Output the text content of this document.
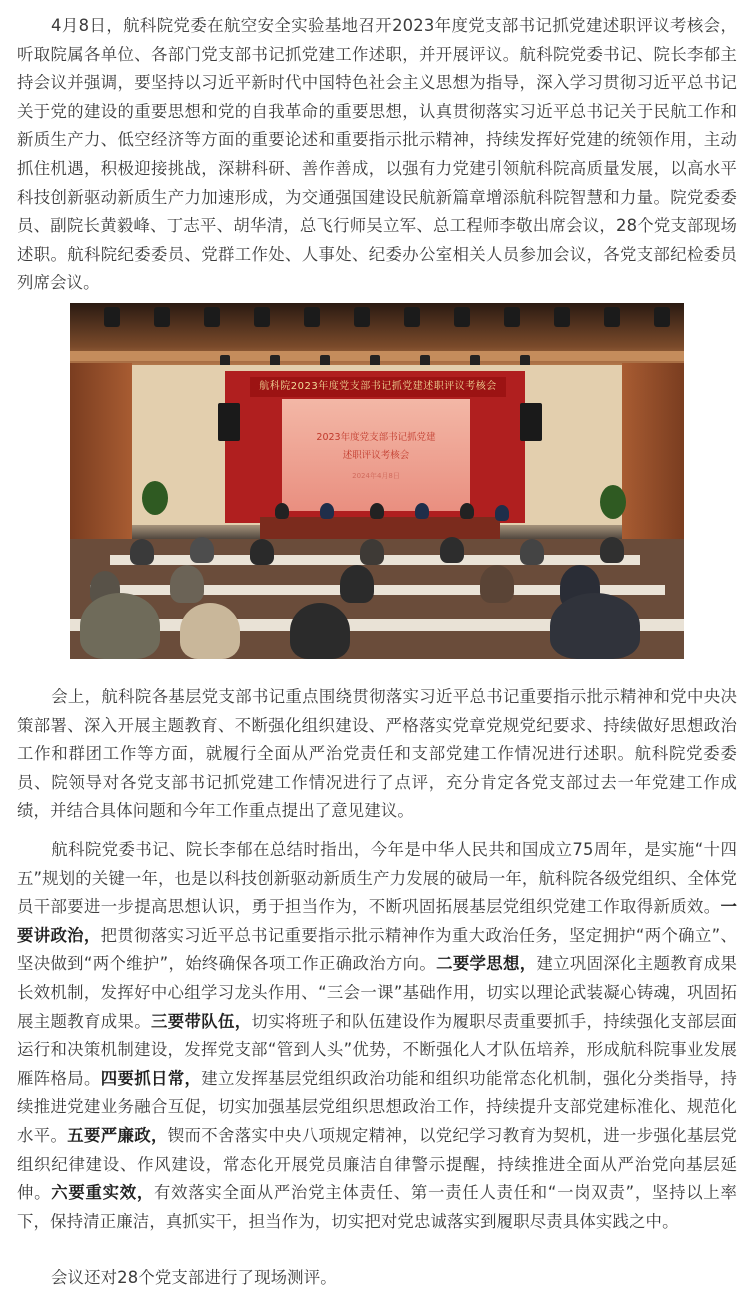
4月8日，航科院党委在航空安全实验基地召开2023年度党支部书记抓党建述职评议考核会，听取院属各单位、各部门党支部书记抓党建工作述职，并开展评议。航科院党委书记、院长李郁主持会议并强调，要坚持以习近平新时代中国特色社会主义思想为指导，深入学习贯彻习近平总书记关于党的建设的重要思想和党的自我革命的重要思想，认真贯彻落实习近平总书记关于民航工作和新质生产力、低空经济等方面的重要论述和重要指示批示精神，持续发挥好党建的统领作用，主动抓住机遇，积极迎接挑战，深耕科研、善作善成，以强有力党建引领航科院高质量发展，以高水平科技创新驱动新质生产力加速形成，为交通强国建设民航新篇章增添航科院智慧和力量。院党委委员、副院长黄毅峰、丁志平、胡华清，总飞行师吴立军、总工程师李敬出席会议，28个党支部现场述职。航科院纪委委员、党群工作处、人事处、纪委办公室相关人员参加会议，各党支部纪检委员列席会议。

航科院2023年度党支部书记抓党建述职评议考核会
2023年度党支部书记抓党建
述职评议考核会
2024年4月8日

会上，航科院各基层党支部书记重点围绕贯彻落实习近平总书记重要指示批示精神和党中央决策部署、深入开展主题教育、不断强化组织建设、严格落实党章党规党纪要求、持续做好思想政治工作和群团工作等方面，就履行全面从严治党责任和支部党建工作情况进行述职。航科院党委委员、院领导对各党支部书记抓党建工作情况进行了点评，充分肯定各党支部过去一年党建工作成绩，并结合具体问题和今年工作重点提出了意见建议。

航科院党委书记、院长李郁在总结时指出，今年是中华人民共和国成立75周年，是实施“十四五”规划的关键一年，也是以科技创新驱动新质生产力发展的破局一年，航科院各级党组织、全体党员干部要进一步提高思想认识，勇于担当作为，不断巩固拓展基层党组织党建工作取得新质效。一要讲政治，把贯彻落实习近平总书记重要指示批示精神作为重大政治任务，坚定拥护“两个确立”、坚决做到“两个维护”，始终确保各项工作正确政治方向。二要学思想，建立巩固深化主题教育成果长效机制，发挥好中心组学习龙头作用、“三会一课”基础作用，切实以理论武装凝心铸魂，巩固拓展主题教育成果。三要带队伍，切实将班子和队伍建设作为履职尽责重要抓手，持续强化支部层面运行和决策机制建设，发挥党支部“管到人头”优势，不断强化人才队伍培养，形成航科院事业发展雁阵格局。四要抓日常，建立发挥基层党组织政治功能和组织功能常态化机制，强化分类指导，持续推进党建业务融合互促，切实加强基层党组织思想政治工作，持续提升支部党建标准化、规范化水平。五要严廉政，锲而不舍落实中央八项规定精神，以党纪学习教育为契机，进一步强化基层党组织纪律建设、作风建设，常态化开展党员廉洁自律警示提醒，持续推进全面从严治党向基层延伸。六要重实效，有效落实全面从严治党主体责任、第一责任人责任和“一岗双责”，坚持以上率下，保持清正廉洁，真抓实干，担当作为，切实把对党忠诚落实到履职尽责具体实践之中。

会议还对28个党支部进行了现场测评。
